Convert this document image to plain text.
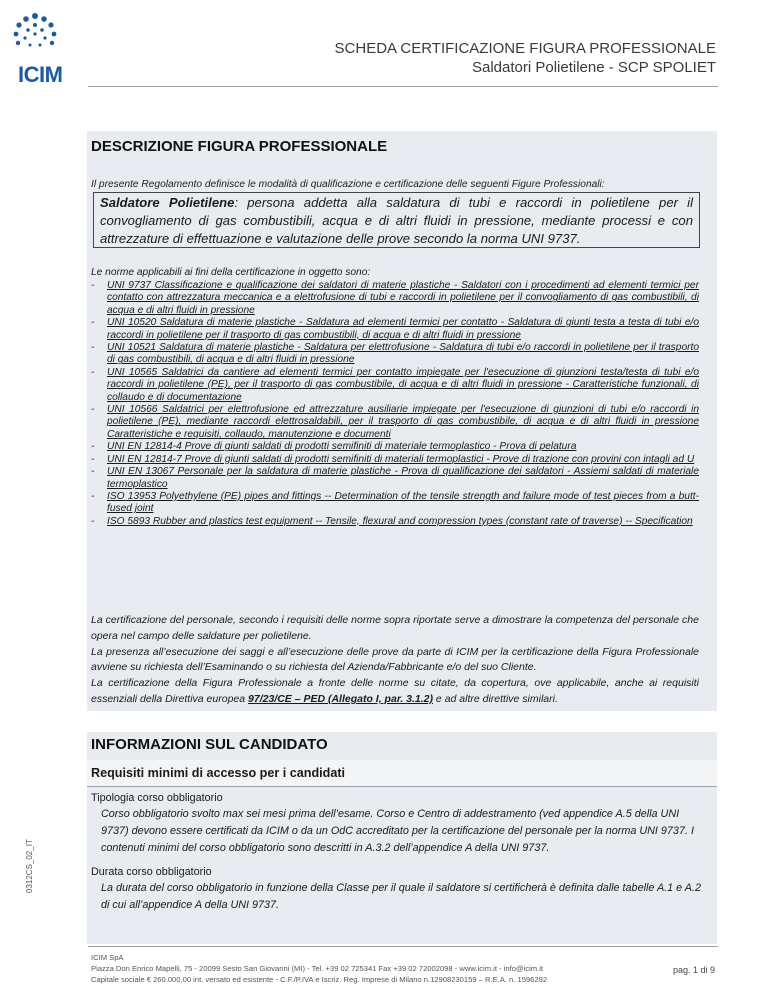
ICIM
SCHEDA CERTIFICAZIONE FIGURA PROFESSIONALE
Saldatori Polietilene - SCP SPOLIET
DESCRIZIONE FIGURA PROFESSIONALE
Il presente Regolamento definisce le modalità di qualificazione e certificazione delle seguenti Figure Professionali:
Saldatore Polietilene: persona addetta alla saldatura di tubi e raccordi in polietilene per il convogliamento di gas combustibili, acqua e di altri fluidi in pressione, mediante processi e con attrezzature di effettuazione e valutazione delle prove secondo la norma UNI 9737.
Le norme applicabili ai fini della certificazione in oggetto sono:
- UNI 9737 Classificazione e qualificazione dei saldatori di materie plastiche - Saldatori con i procedimenti ad elementi termici per contatto con attrezzatura meccanica e a elettrofusione di tubi e raccordi in polietilene per il convogliamento di gas combustibili, di acqua e di altri fluidi in pressione
- UNI 10520 Saldatura di materie plastiche - Saldatura ad elementi termici per contatto - Saldatura di giunti testa a testa di tubi e/o raccordi in polietilene per il trasporto di gas combustibili, di acqua e di altri fluidi in pressione
- UNI 10521 Saldatura di materie plastiche - Saldatura per elettrofusione - Saldatura di tubi e/o raccordi in polietilene per il trasporto di gas combustibili, di acqua e di altri fluidi in pressione
- UNI 10565 Saldatrici da cantiere ad elementi termici per contatto impiegate per l'esecuzione di giunzioni testa/testa di tubi e/o raccordi in polietilene (PE), per il trasporto di gas combustibile, di acqua e di altri fluidi in pressione - Caratteristiche funzionali, di collaudo e di documentazione
- UNI 10566 Saldatrici per elettrofusione ed attrezzature ausiliarie impiegate per l'esecuzione di giunzioni di tubi e/o raccordi in polietilene (PE), mediante raccordi elettrosaldabili, per il trasporto di gas combustibile, di acqua e di altri fluidi in pressione Caratteristiche e requisiti, collaudo, manutenzione e documenti
- UNI EN 12814-4 Prove di giunti saldati di prodotti semifiniti di materiale termoplastico - Prova di pelatura
- UNI EN 12814-7 Prove di giunti saldati di prodotti semifiniti di materiali termoplastici - Prove di trazione con provini con intagli ad U
- UNI EN 13067 Personale per la saldatura di materie plastiche - Prova di qualificazione dei saldatori - Assiemi saldati di materiale termoplastico
- ISO 13953 Polyethylene (PE) pipes and fittings -- Determination of the tensile strength and failure mode of test pieces from a butt-fused joint
- ISO 5893 Rubber and plastics test equipment -- Tensile, flexural and compression types (constant rate of traverse) -- Specification

La certificazione del personale, secondo i requisiti delle norme sopra riportate serve a dimostrare la competenza del personale che opera nel campo delle saldature per polietilene.

La presenza all’esecuzione dei saggi e all’esecuzione delle prove da parte di ICIM per la certificazione della Figura Professionale avviene su richiesta dell’Esaminando o su richiesta del Azienda/Fabbricante e/o del suo Cliente.

La certificazione della Figura Professionale a fronte delle norme su citate, da copertura, ove applicabile, anche ai requisiti essenziali della Direttiva europea 97/23/CE – PED (Allegato I, par. 3.1.2) e ad altre direttive similari.

INFORMAZIONI SUL CANDIDATO
Requisiti minimi di accesso per i candidati
Tipologia corso obbligatorio
Corso obbligatorio svolto max sei mesi prima dell’esame. Corso e Centro di addestramento (ved appendice A.5 della UNI 9737) devono essere certificati da ICIM o da un OdC accreditato per la certificazione del personale per la norma UNI 9737. I contenuti minimi del corso obbligatorio sono descritti in A.3.2 dell’appendice A della UNI 9737.
Durata corso obbligatorio
La durata del corso obbligatorio in funzione della Classe per il quale il saldatore si certificherà è definita dalle tabelle A.1 e A.2 di cui all’appendice A della UNI 9737.
0312CS_02_IT
ICIM SpA
Piazza Don Enrico Mapelli, 75 - 20099 Sesto San Giovanni (MI) - Tel. +39 02 725341 Fax +39 02 72002098 - www.icim.it - info@icim.it
Capitale sociale € 260.000,00 int. versato ed esistente - C.F./P.IVA e Iscriz. Reg. Imprese di Milano n.12908230159 – R.E.A. n. 1596292
pag. 1 di 9
